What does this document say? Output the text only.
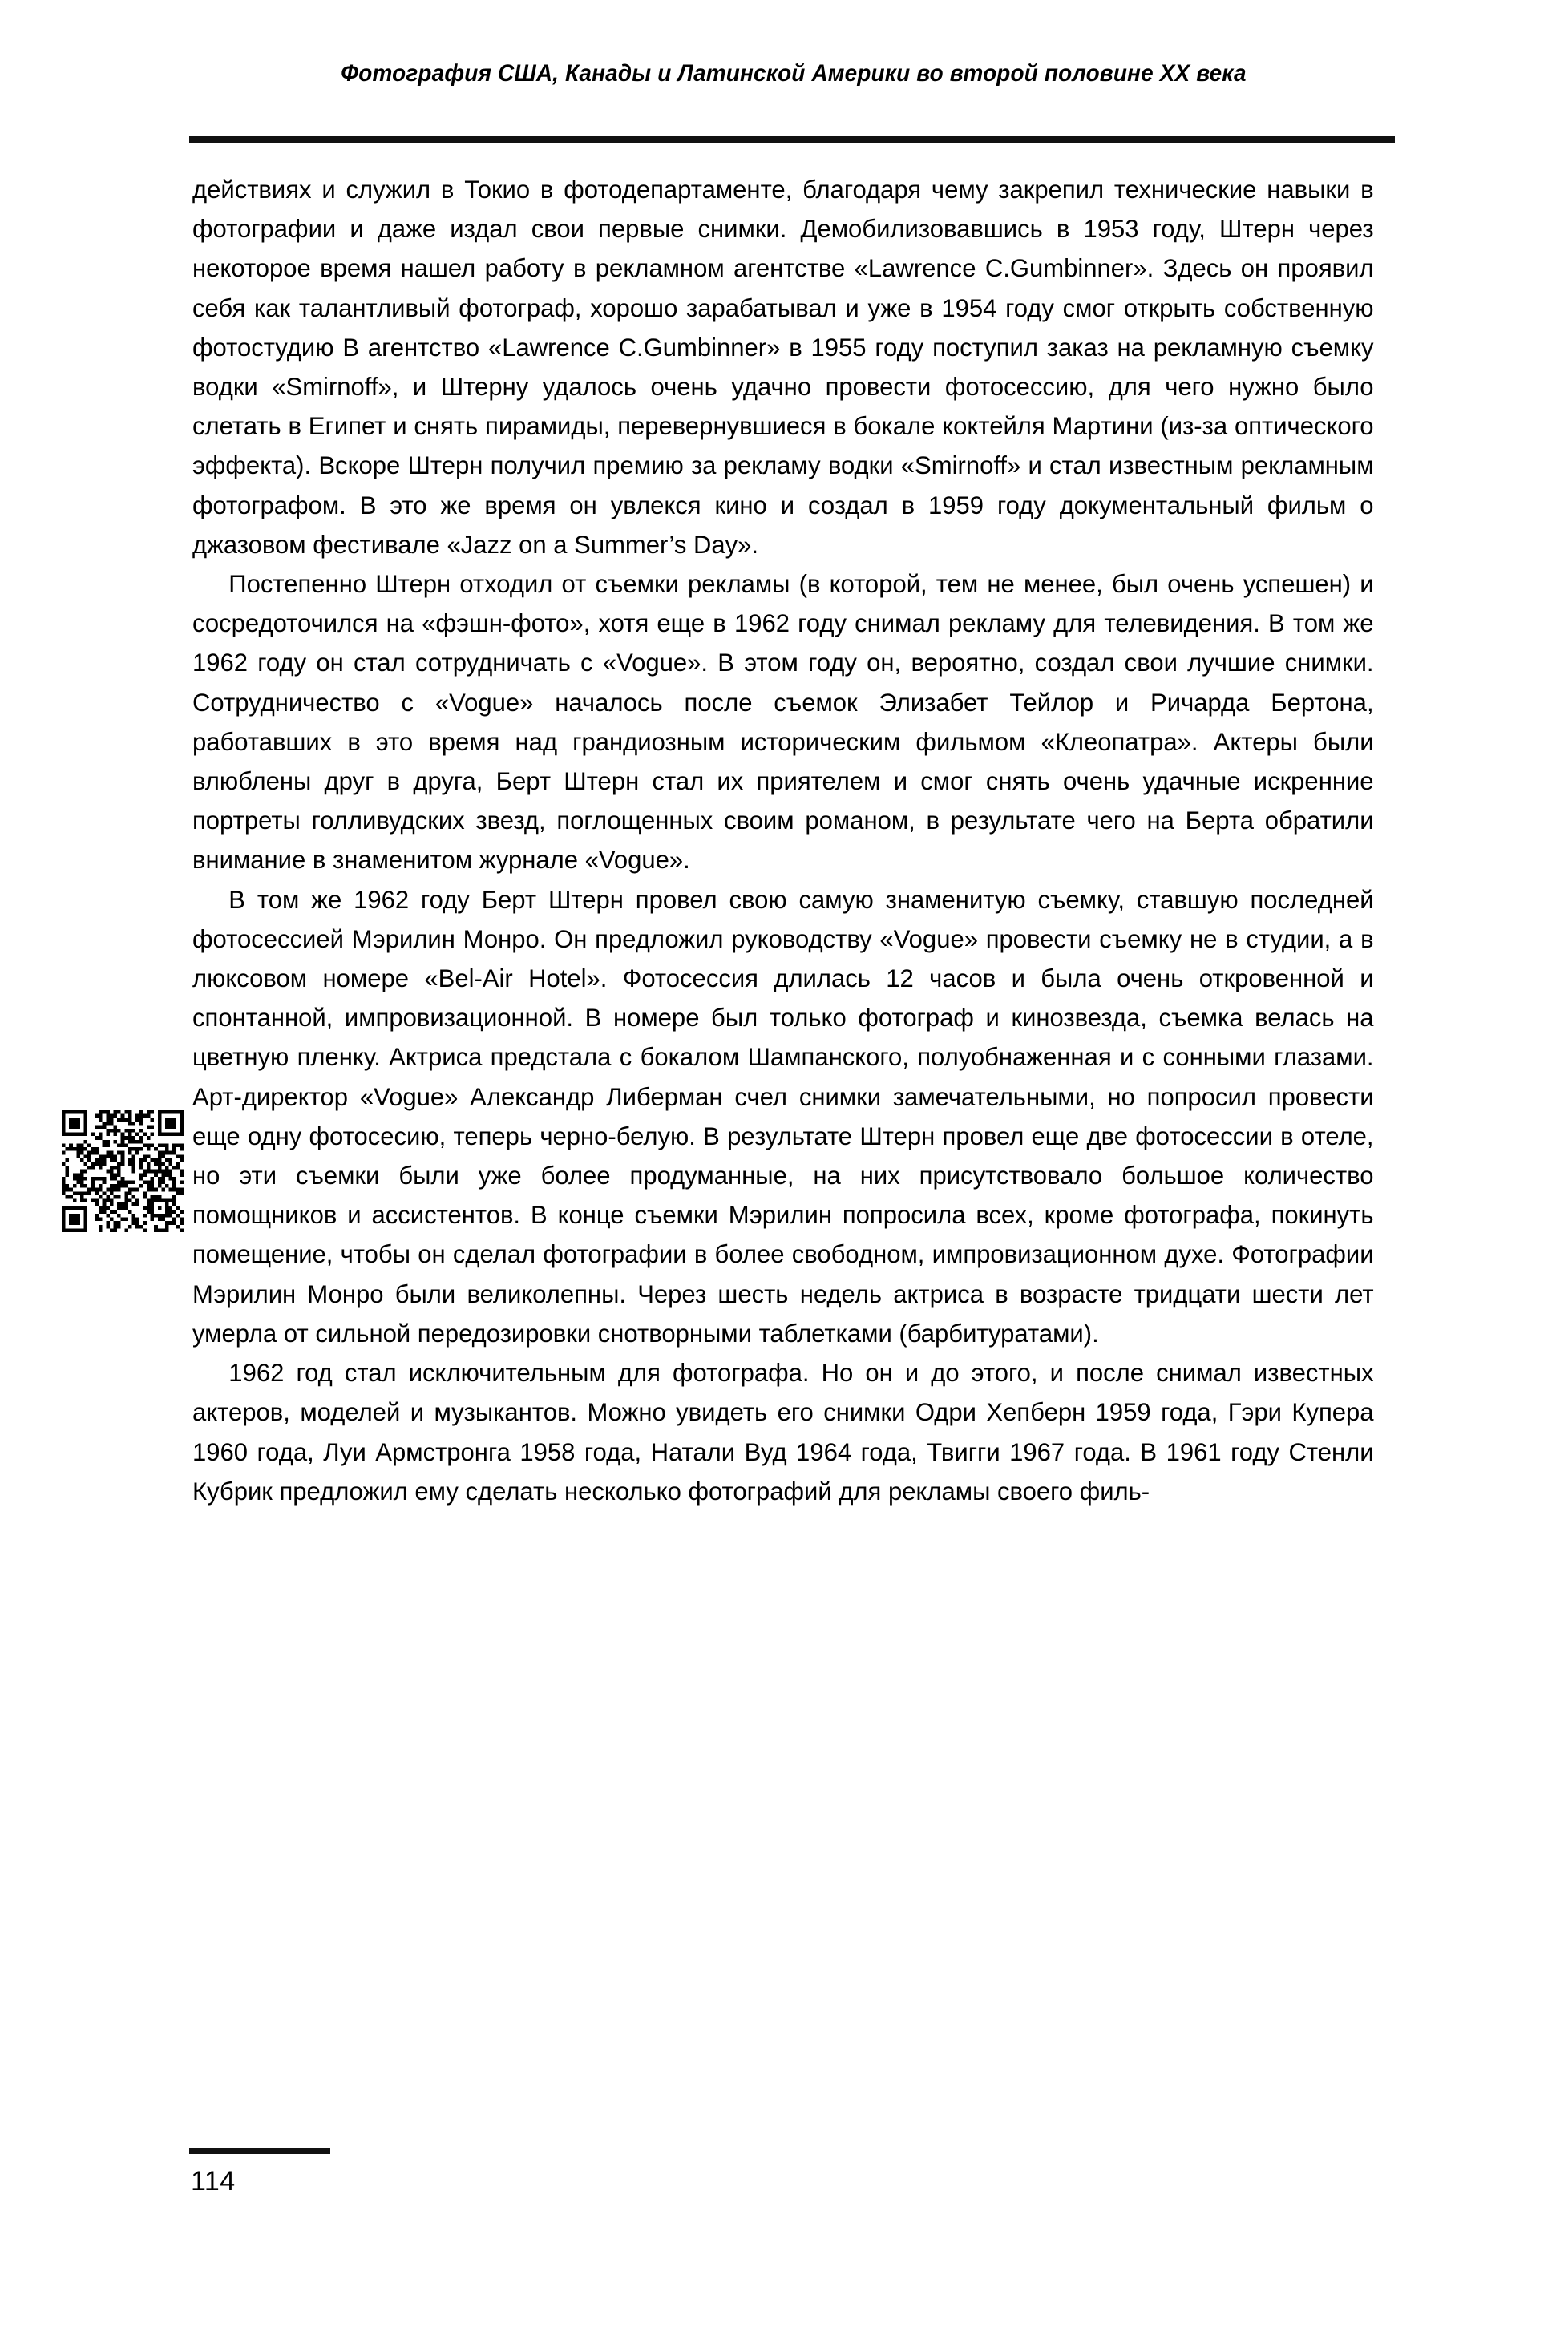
Фотография США, Канады и Латинской Америки во второй половине XX века

действиях и служил в Токио в фотодепартаменте, благодаря чему закрепил технические навыки в фотографии и даже издал свои первые снимки. Демобилизовавшись в 1953 году, Штерн через некоторое время нашел работу в рекламном агентстве «Lawrence C.Gumbinner». Здесь он проявил себя как талантливый фотограф, хорошо зарабатывал и уже в 1954 году смог открыть собственную фотостудию В агентство «Lawrence C.Gumbinner» в 1955 году поступил заказ на рекламную съемку водки «Smirnoff», и Штерну удалось очень удачно провести фотосессию, для чего нужно было слетать в Египет и снять пирамиды, перевернувшиеся в бокале коктейля Мартини (из-за оптического эффекта). Вскоре Штерн получил премию за рекламу водки «Smirnoff» и стал известным рекламным фотографом. В это же время он увлекся кино и создал в 1959 году документальный фильм о джазовом фестивале «Jazz on a Summer’s Day».

Постепенно Штерн отходил от съемки рекламы (в которой, тем не менее, был очень успешен) и сосредоточился на «фэшн-фото», хотя еще в 1962 году снимал рекламу для телевидения. В том же 1962 году он стал сотрудничать с «Vogue». В этом году он, вероятно, создал свои лучшие снимки. Сотрудничество с «Vogue» началось после съемок Элизабет Тейлор и Ричарда Бертона, работавших в это время над грандиозным историческим фильмом «Клеопатра». Актеры были влюблены друг в друга, Берт Штерн стал их приятелем и смог снять очень удачные искренние портреты голливудских звезд, поглощенных своим романом, в результате чего на Берта обратили внимание в знаменитом журнале «Vogue».

В том же 1962 году Берт Штерн провел свою самую знаменитую съемку, ставшую последней фотосессией Мэрилин Монро. Он предложил руководству «Vogue» провести съемку не в студии, а в люксовом номере «Bel-Air Hotel». Фотосессия длилась 12 часов и была очень откровенной и спонтанной, импровизационной. В номере был только фотограф и кинозвезда, съемка велась на цветную пленку. Актриса предстала с бокалом Шампанского, полуобнаженная и с сонными глазами. Арт-директор «Vogue» Александр Либерман счел снимки замечательными, но попросил провести еще одну фотосесию, теперь черно-белую. В результате Штерн провел еще две фотосессии в отеле, но эти съемки были уже более продуманные, на них присутствовало большое количество помощников и ассистентов. В конце съемки Мэрилин попросила всех, кроме фотографа, покинуть помещение, чтобы он сделал фотографии в более свободном, импровизационном духе. Фотографии Мэрилин Монро были великолепны. Через шесть недель актриса в возрасте тридцати шести лет умерла от сильной передозировки снотворными таблетками (барбитуратами).

1962 год стал исключительным для фотографа. Но он и до этого, и после снимал известных актеров, моделей и музыкантов. Можно увидеть его снимки Одри Хепберн 1959 года, Гэри Купера 1960 года, Луи Армстронга 1958 года, Натали Вуд 1964 года, Твигги 1967 года. В 1961 году Стенли Кубрик предложил ему сделать несколько фотографий для рекламы своего филь-

114
